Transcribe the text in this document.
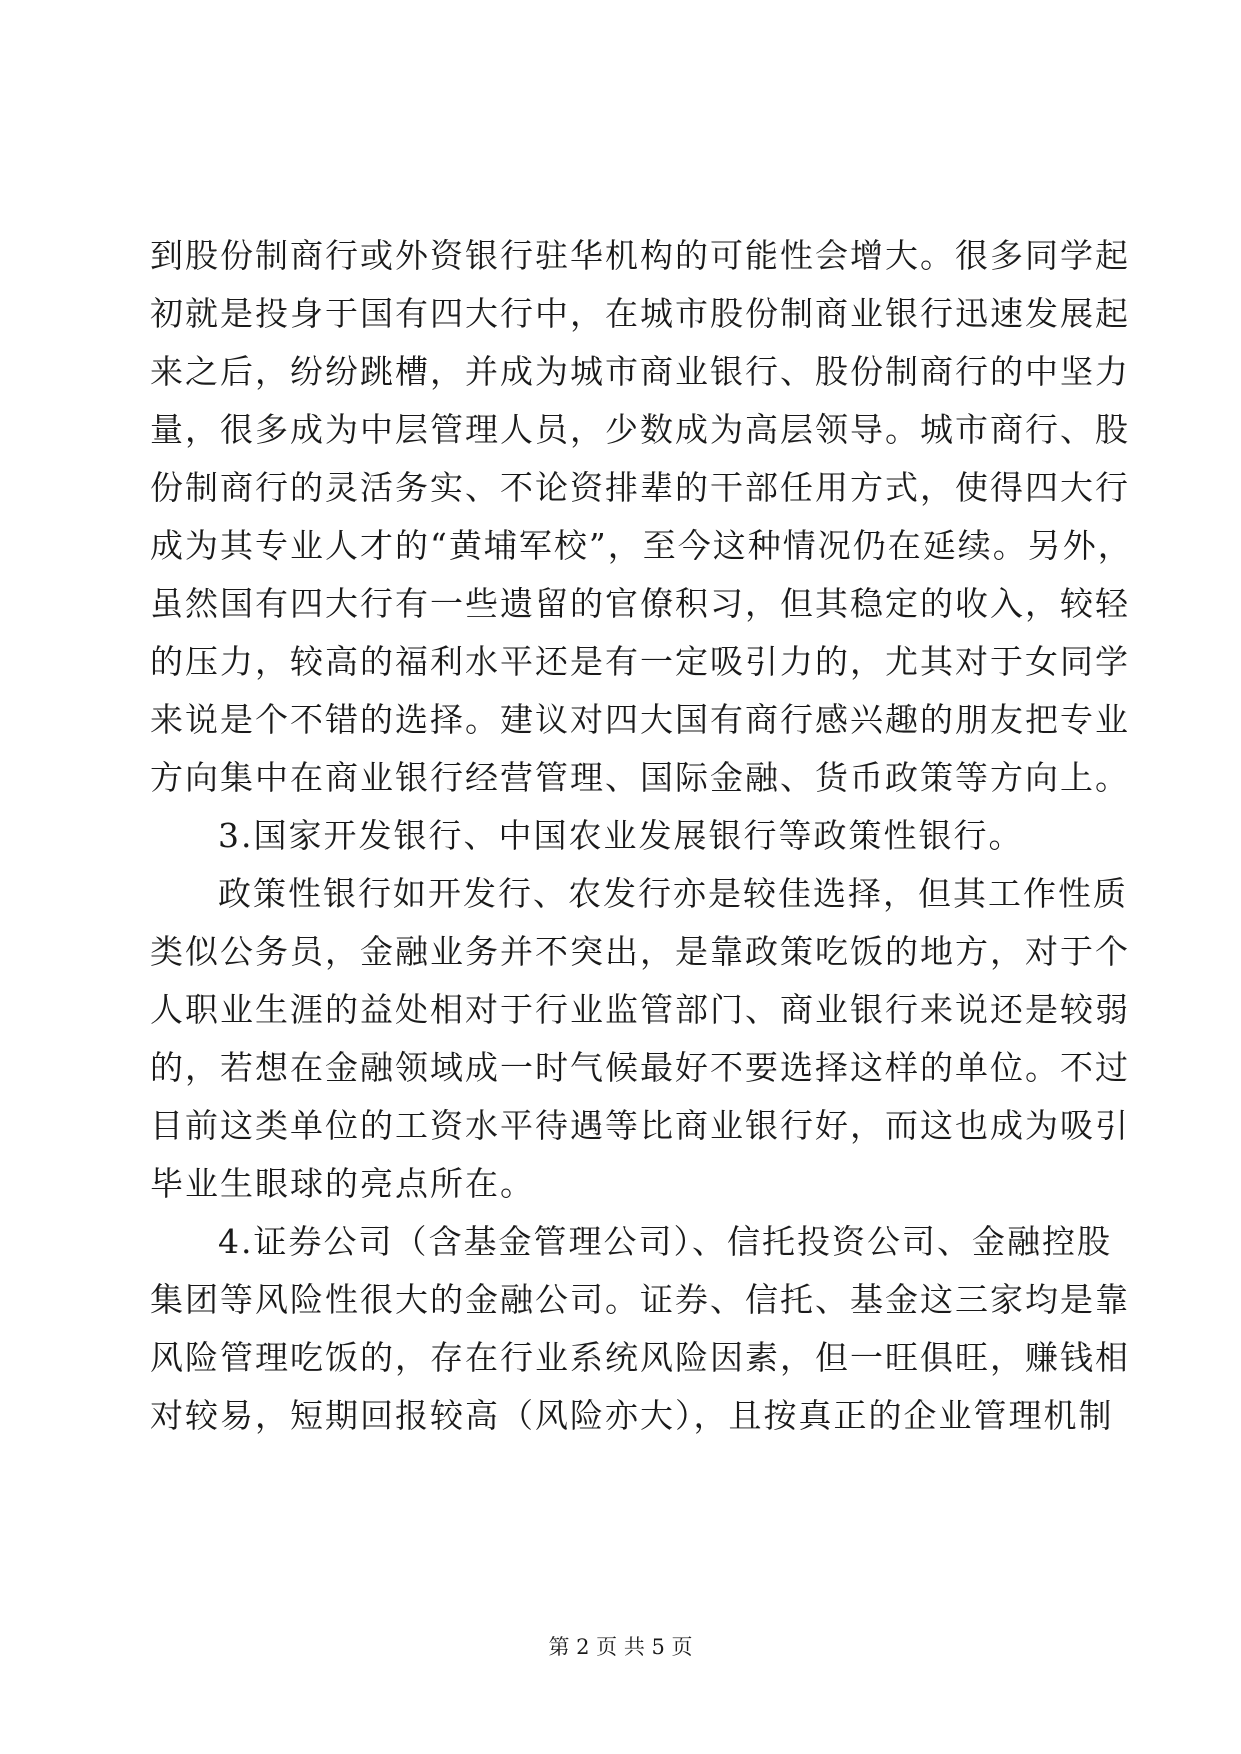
到股份制商行或外资银行驻华机构的可能性会增大。很多同学起
初就是投身于国有四大行中，在城市股份制商业银行迅速发展起
来之后，纷纷跳槽，并成为城市商业银行、股份制商行的中坚力
量，很多成为中层管理人员，少数成为高层领导。城市商行、股
份制商行的灵活务实、不论资排辈的干部任用方式，使得四大行
成为其专业人才的“黄埔军校”，至今这种情况仍在延续。另外，
虽然国有四大行有一些遗留的官僚积习，但其稳定的收入，较轻
的压力，较高的福利水平还是有一定吸引力的，尤其对于女同学
来说是个不错的选择。建议对四大国有商行感兴趣的朋友把专业
方向集中在商业银行经营管理、国际金融、货币政策等方向上。
3.国家开发银行、中国农业发展银行等政策性银行。
政策性银行如开发行、农发行亦是较佳选择，但其工作性质
类似公务员，金融业务并不突出，是靠政策吃饭的地方，对于个
人职业生涯的益处相对于行业监管部门、商业银行来说还是较弱
的，若想在金融领域成一时气候最好不要选择这样的单位。不过
目前这类单位的工资水平待遇等比商业银行好，而这也成为吸引
毕业生眼球的亮点所在。
4.证券公司（含基金管理公司）、信托投资公司、金融控股
集团等风险性很大的金融公司。证券、信托、基金这三家均是靠
风险管理吃饭的，存在行业系统风险因素，但一旺俱旺，赚钱相
对较易，短期回报较高（风险亦大），且按真正的企业管理机制
第 2 页 共 5 页
